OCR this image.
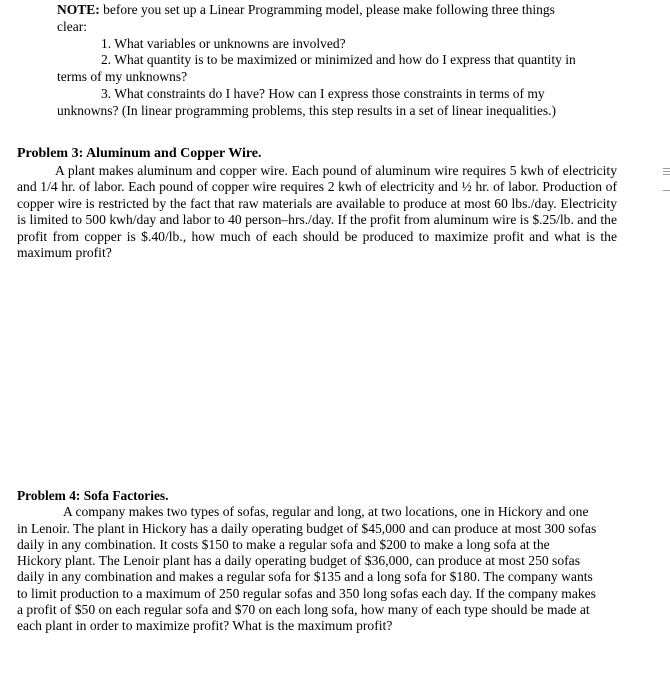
NOTE: before you set up a Linear Programming model, please make following three things clear:

1. What variables or unknowns are involved?

2. What quantity is to be maximized or minimized and how do I express that quantity in terms of my unknowns?

3. What constraints do I have? How can I express those constraints in terms of my unknowns? (In linear programming problems, this step results in a set of linear inequalities.)

Problem 3: Aluminum and Copper Wire.

A plant makes aluminum and copper wire. Each pound of aluminum wire requires 5 kwh of electricity and 1/4 hr. of labor. Each pound of copper wire requires 2 kwh of electricity and ½ hr. of labor. Production of copper wire is restricted by the fact that raw materials are available to produce at most 60 lbs./day. Electricity is limited to 500 kwh/day and labor to 40 person–hrs./day. If the profit from aluminum wire is $.25/lb. and the profit from copper is $.40/lb., how much of each should be produced to maximize profit and what is the maximum profit?

Problem 4: Sofa Factories.

A company makes two types of sofas, regular and long, at two locations, one in Hickory and one in Lenoir. The plant in Hickory has a daily operating budget of $45,000 and can produce at most 300 sofas daily in any combination. It costs $150 to make a regular sofa and $200 to make a long sofa at the Hickory plant. The Lenoir plant has a daily operating budget of $36,000, can produce at most 250 sofas daily in any combination and makes a regular sofa for $135 and a long sofa for $180. The company wants to limit production to a maximum of 250 regular sofas and 350 long sofas each day. If the company makes a profit of $50 on each regular sofa and $70 on each long sofa, how many of each type should be made at each plant in order to maximize profit? What is the maximum profit?
